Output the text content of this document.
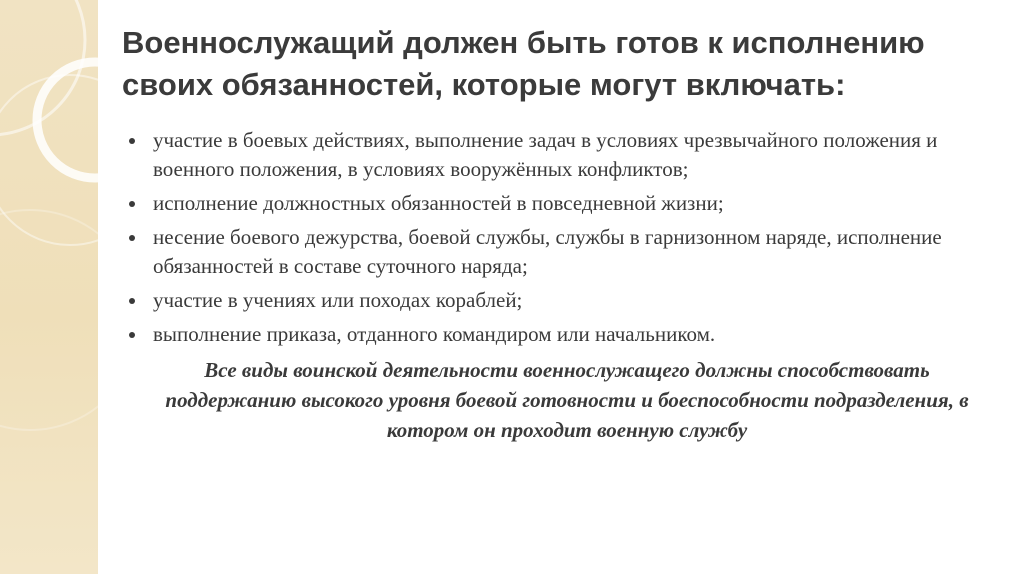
Военнослужащий должен быть готов к исполнению своих обязанностей, которые могут включать:
участие в боевых действиях, выполнение задач в условиях чрезвычайного положения и военного положения, в условиях вооружённых конфликтов;
исполнение должностных обязанностей в повседневной жизни;
несение боевого дежурства, боевой службы, службы в гарнизонном наряде, исполнение обязанностей в составе суточного наряда;
участие в учениях или походах кораблей;
выполнение приказа, отданного командиром или начальником.

Все виды воинской деятельности военнослужащего должны способствовать поддержанию высокого уровня боевой готовности и боеспособности подразделения, в котором он проходит военную службу
